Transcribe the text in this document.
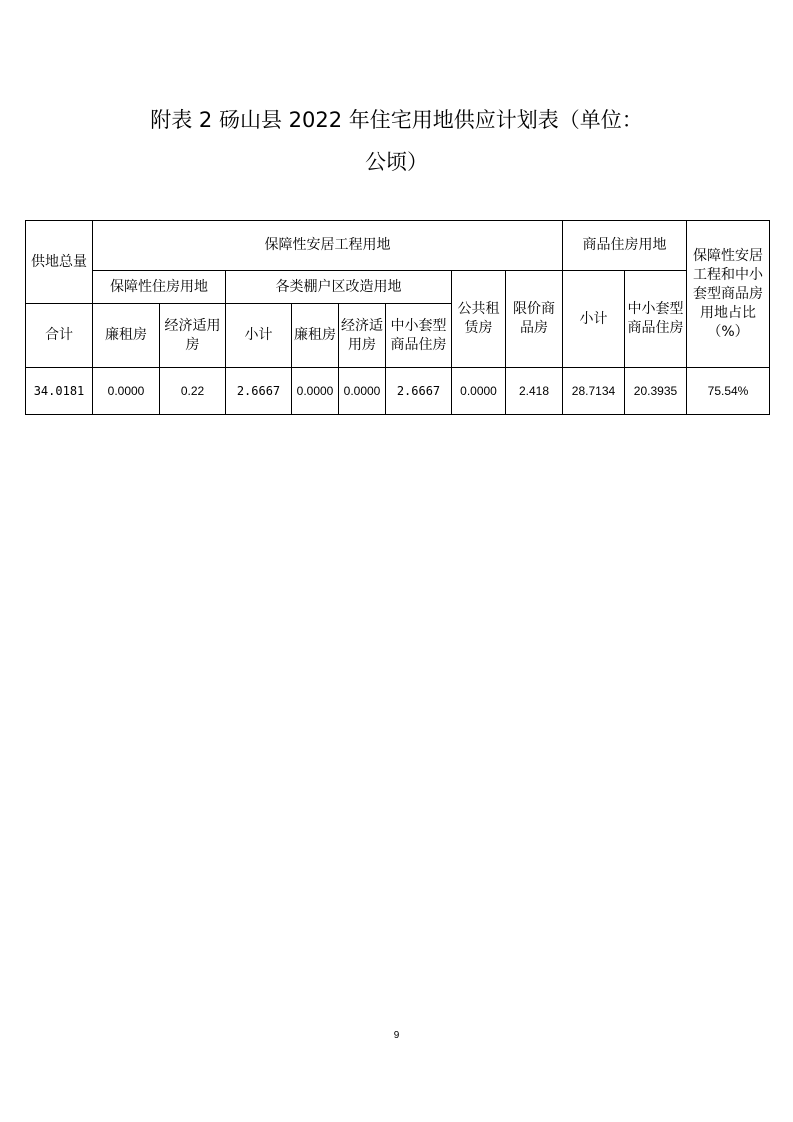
附表 2 砀山县 2022 年住宅用地供应计划表（单位：
公顷）
供地总量	保障性安居工程用地								商品住房用地		保障性安居工程和中小套型商品房用地占比（%）
	保障性住房用地		各类棚户区改造用地				公共租赁房	限价商品房	小计	中小套型商品住房	
合计	廉租房	经济适用房	小计	廉租房	经济适用房	中小套型商品住房					
34.0181	0.0000	0.22	2.6667	0.0000	0.0000	2.6667	0.0000	2.418	28.7134	20.3935	75.54%
9
